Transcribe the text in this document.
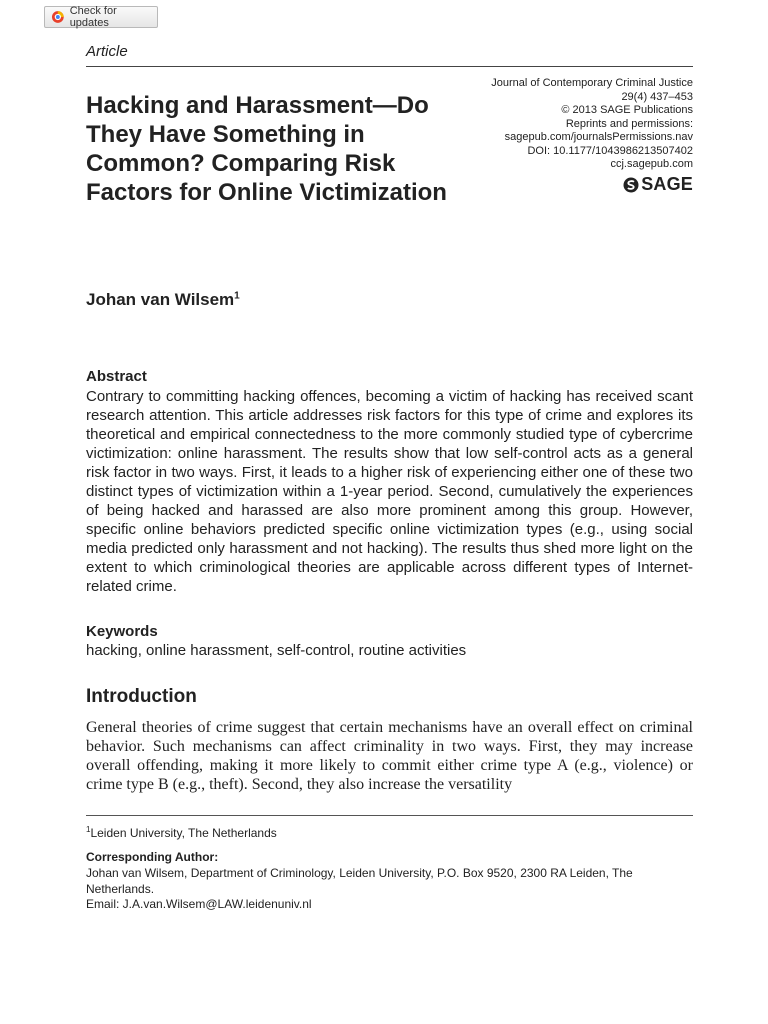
Check for updates
Article
Journal of Contemporary Criminal Justice
29(4) 437–453
© 2013 SAGE Publications
Reprints and permissions:
sagepub.com/journalsPermissions.nav
DOI: 10.1177/1043986213507402
ccj.sagepub.com
SAGE
Hacking and Harassment—Do They Have Something in Common? Comparing Risk Factors for Online Victimization
Johan van Wilsem$^1$
Abstract

Contrary to committing hacking offences, becoming a victim of hacking has received scant research attention. This article addresses risk factors for this type of crime and explores its theoretical and empirical connectedness to the more commonly studied type of cybercrime victimization: online harassment. The results show that low self-control acts as a general risk factor in two ways. First, it leads to a higher risk of experiencing either one of these two distinct types of victimization within a 1-year period. Second, cumulatively the experiences of being hacked and harassed are also more prominent among this group. However, specific online behaviors predicted specific online victimization types (e.g., using social media predicted only harassment and not hacking). The results thus shed more light on the extent to which criminological theories are applicable across different types of Internet-related crime.

Keywords

hacking, online harassment, self-control, routine activities

Introduction

General theories of crime suggest that certain mechanisms have an overall effect on criminal behavior. Such mechanisms can affect criminality in two ways. First, they may increase overall offending, making it more likely to commit either crime type A (e.g., violence) or crime type B (e.g., theft). Second, they also increase the versatility

$^1$Leiden University, The Netherlands

Corresponding Author:

Johan van Wilsem, Department of Criminology, Leiden University, P.O. Box 9520, 2300 RA Leiden, The Netherlands.
Email: J.A.van.Wilsem@LAW.leidenuniv.nl
